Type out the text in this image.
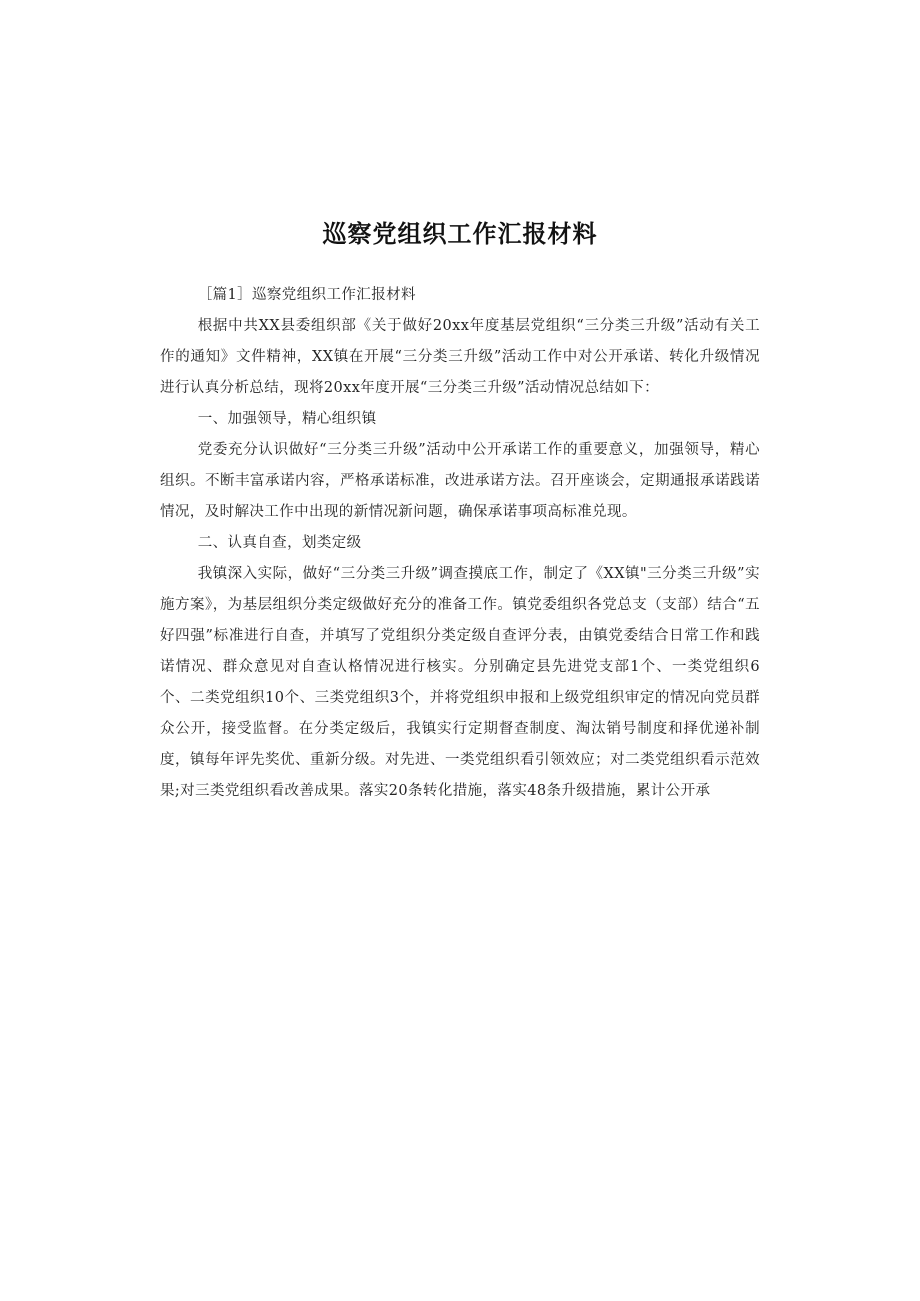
巡察党组织工作汇报材料

［篇1］巡察党组织工作汇报材料

根据中共XX县委组织部《关于做好20xx年度基层党组织“三分类三升级”活动有关工作的通知》文件精神，XX镇在开展“三分类三升级”活动工作中对公开承诺、转化升级情况进行认真分析总结，现将20xx年度开展“三分类三升级”活动情况总结如下：

一、加强领导，精心组织镇

党委充分认识做好“三分类三升级”活动中公开承诺工作的重要意义，加强领导，精心组织。不断丰富承诺内容，严格承诺标准，改进承诺方法。召开座谈会，定期通报承诺践诺情况，及时解决工作中出现的新情况新问题，确保承诺事项高标准兑现。

二、认真自查，划类定级

我镇深入实际，做好“三分类三升级”调查摸底工作，制定了《XX镇"三分类三升级”实施方案》，为基层组织分类定级做好充分的准备工作。镇党委组织各党总支（支部）结合“五好四强”标准进行自查，并填写了党组织分类定级自查评分表，由镇党委结合日常工作和践诺情况、群众意见对自查认格情况进行核实。分别确定县先进党支部1个、一类党组织6个、二类党组织10个、三类党组织3个，并将党组织申报和上级党组织审定的情况向党员群众公开，接受监督。在分类定级后，我镇实行定期督查制度、淘汰销号制度和择优递补制度，镇每年评先奖优、重新分级。对先进、一类党组织看引领效应；对二类党组织看示范效果;对三类党组织看改善成果。落实20条转化措施，落实48条升级措施，累计公开承
